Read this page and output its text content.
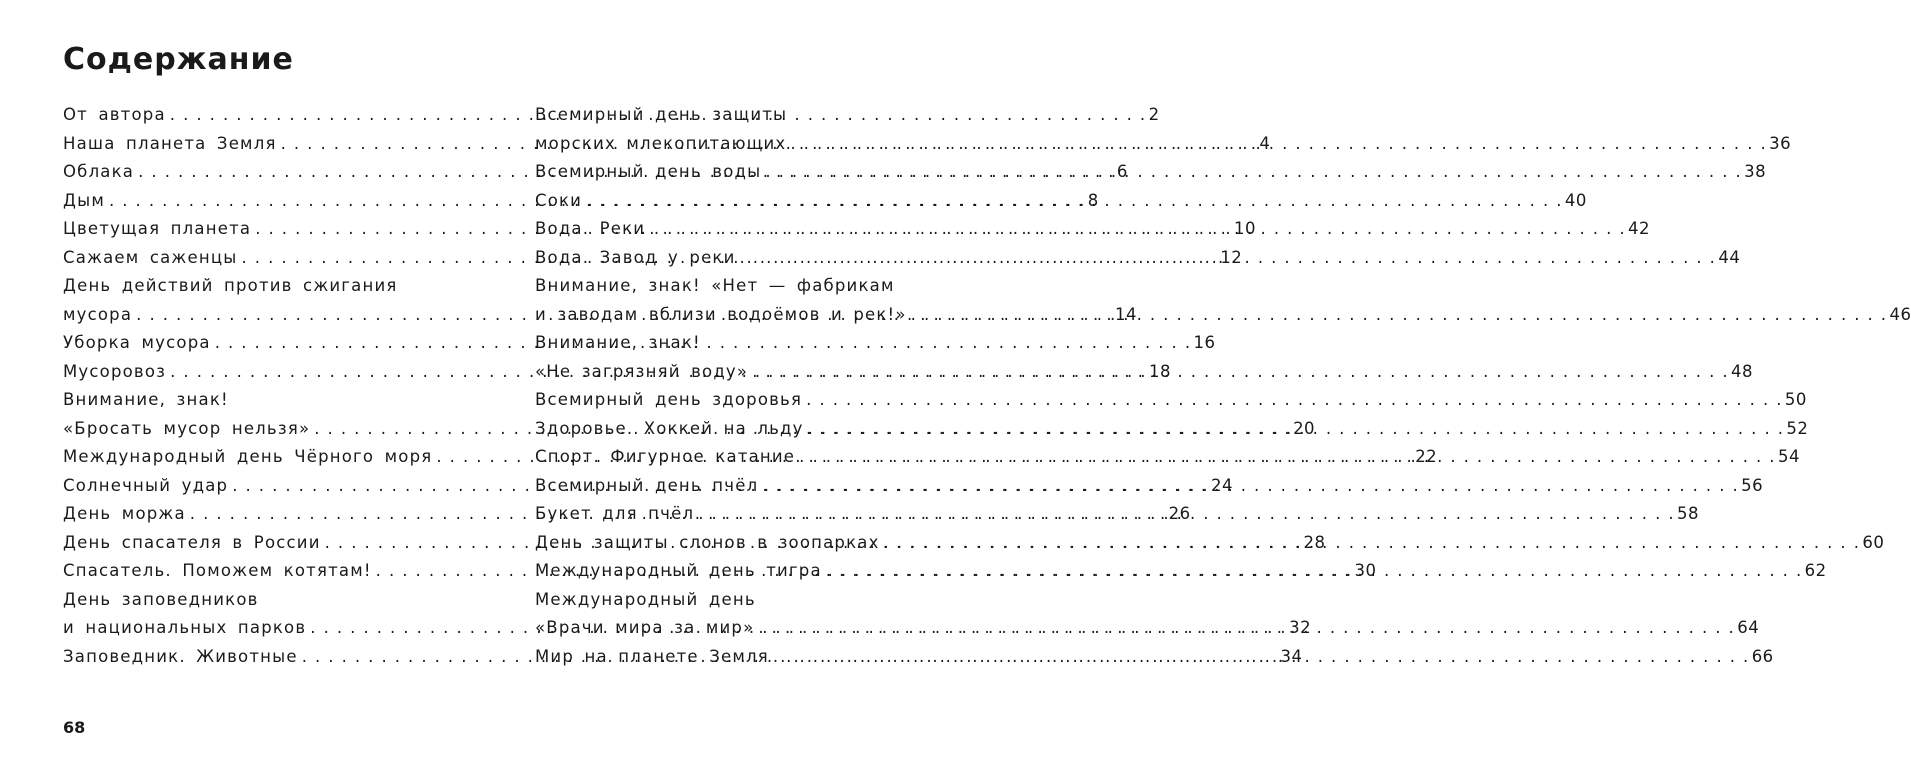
Содержание
От автора . . .	2
Наша планета Земля . . .	4
Облака . . .	6
Дым . . .	8
Цветущая планета . . .	10
Сажаем саженцы . . .	12
День действий против сжигания
мусора . . .	14
Уборка мусора . . .	16
Мусоровоз . . .	18
Внимание, знак!
«Бросать мусор нельзя» . . .	20
Международный день Чёрного моря . . .	22
Солнечный удар . . .	24
День моржа . . .	26
День спасателя в России . . .	28
Спасатель. Поможем котятам! . . .	30
День заповедников
и национальных парков . . .	32
Заповедник. Животные . . .	34
Всемирный день защиты
морских млекопитающих . . .	36
Всемирный день воды . . .	38
Соки . . .	40
Вода. Реки . . .	42
Вода. Завод у реки . . .	44
Внимание, знак! «Нет — фабрикам
и заводам вблизи водоёмов и рек!» . . .	46
Внимание, знак!
«Не загрязняй воду» . . .	48
Всемирный день здоровья . . .	50
Здоровье. Хоккей на льду . . .	52
Спорт. Фигурное катание . . .	54
Всемирный день пчёл . . .	56
Букет для пчёл . . .	58
День защиты слонов в зоопарках . . .	60
Международный день тигра . . .	62
Международный день
«Врачи мира за мир» . . .	64
Мир на планете Земля . . .	66
68
